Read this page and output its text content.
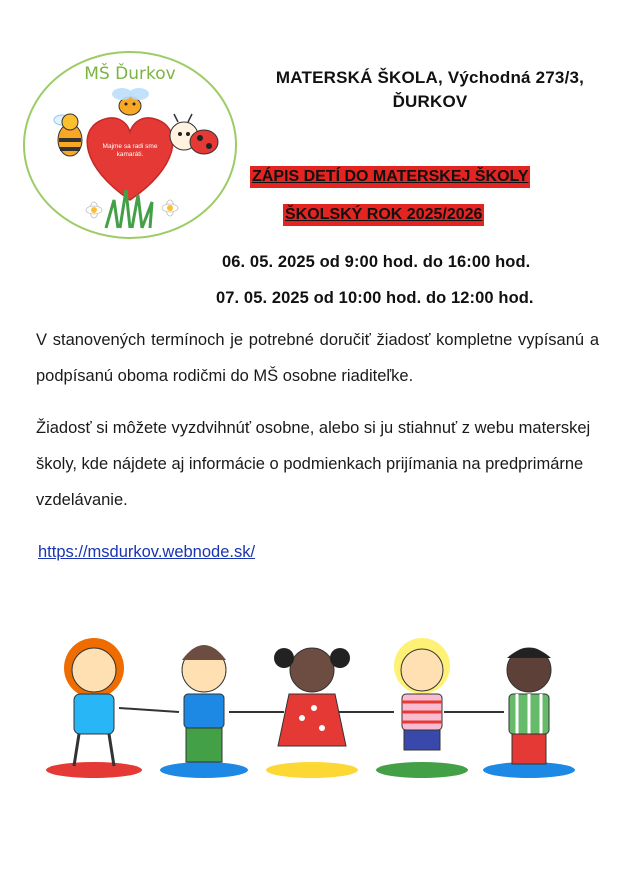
MŠ Ďurkov
Majme sa radi sme kamaráti.
MATERSKÁ ŠKOLA, Východná 273/3, ĎURKOV
ZÁPIS DETÍ DO MATERSKEJ ŠKOLY
ŠKOLSKÝ ROK 2025/2026
06. 05. 2025 od 9:00 hod. do 16:00 hod.
07. 05. 2025 od 10:00 hod. do 12:00 hod.
V stanovených termínoch je potrebné doručiť žiadosť kompletne vypísanú a podpísanú oboma rodičmi do MŠ osobne riaditeľke.
Žiadosť si môžete vyzdvihnúť osobne, alebo si ju stiahnuť z webu materskej školy, kde nájdete aj informácie o podmienkach prijímania na predprimárne vzdelávanie.
https://msdurkov.webnode.sk/
